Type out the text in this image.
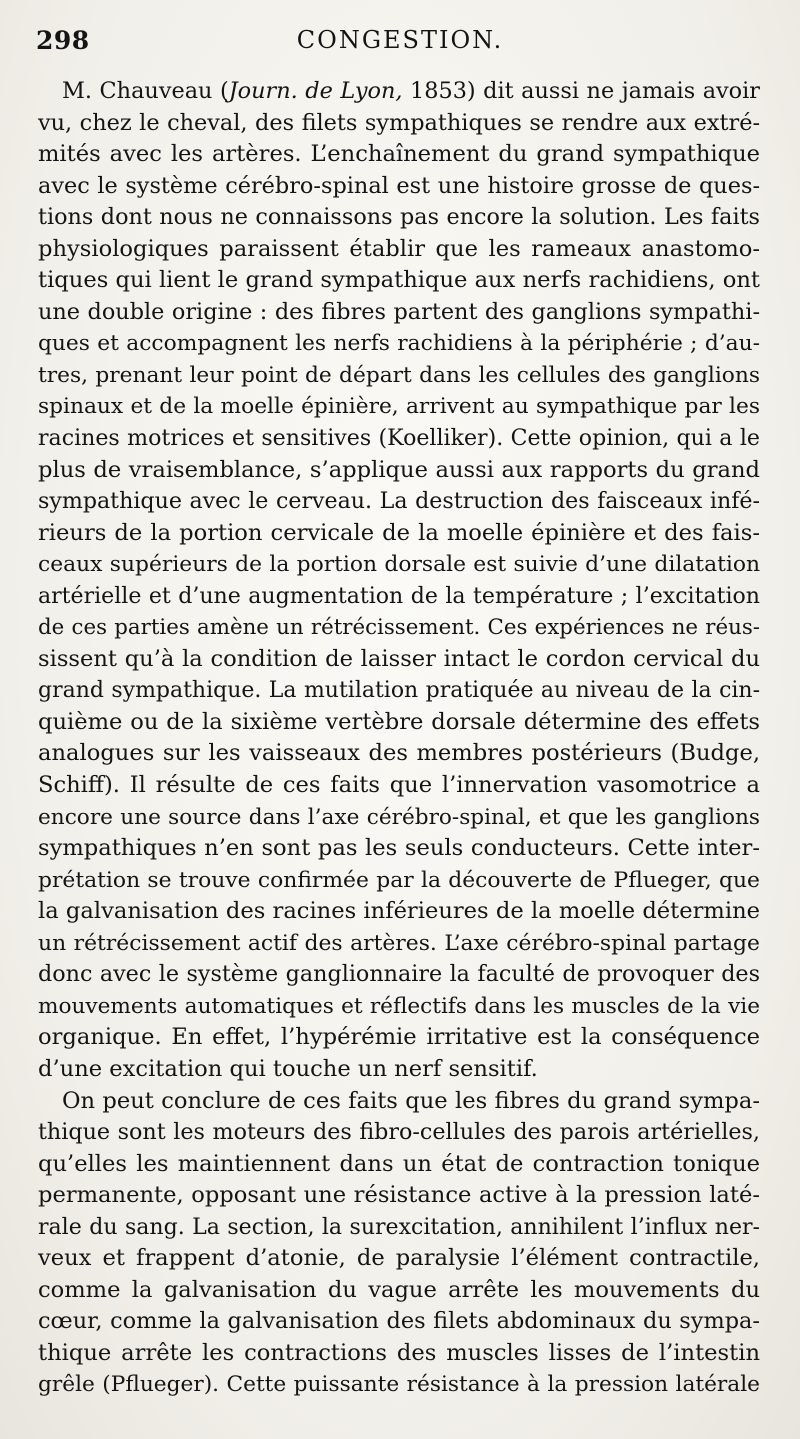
298	CONGESTION.
M. Chauveau (Journ. de Lyon, 1853) dit aussi ne jamais avoir
vu, chez le cheval, des filets sympathiques se rendre aux extré-
mités avec les artères. L’enchaînement du grand sympathique
avec le système cérébro-spinal est une histoire grosse de ques-
tions dont nous ne connaissons pas encore la solution. Les faits
physiologiques paraissent établir que les rameaux anastomo-
tiques qui lient le grand sympathique aux nerfs rachidiens, ont
une double origine : des fibres partent des ganglions sympathi-
ques et accompagnent les nerfs rachidiens à la périphérie ; d’au-
tres, prenant leur point de départ dans les cellules des ganglions
spinaux et de la moelle épinière, arrivent au sympathique par les
racines motrices et sensitives (Koelliker). Cette opinion, qui a le
plus de vraisemblance, s’applique aussi aux rapports du grand
sympathique avec le cerveau. La destruction des faisceaux infé-
rieurs de la portion cervicale de la moelle épinière et des fais-
ceaux supérieurs de la portion dorsale est suivie d’une dilatation
artérielle et d’une augmentation de la température ; l’excitation
de ces parties amène un rétrécissement. Ces expériences ne réus-
sissent qu’à la condition de laisser intact le cordon cervical du
grand sympathique. La mutilation pratiquée au niveau de la cin-
quième ou de la sixième vertèbre dorsale détermine des effets
analogues sur les vaisseaux des membres postérieurs (Budge,
Schiff). Il résulte de ces faits que l’innervation vasomotrice a
encore une source dans l’axe cérébro-spinal, et que les ganglions
sympathiques n’en sont pas les seuls conducteurs. Cette inter-
prétation se trouve confirmée par la découverte de Pflueger, que
la galvanisation des racines inférieures de la moelle détermine
un rétrécissement actif des artères. L’axe cérébro-spinal partage
donc avec le système ganglionnaire la faculté de provoquer des
mouvements automatiques et réflectifs dans les muscles de la vie
organique. En effet, l’hypérémie irritative est la conséquence
d’une excitation qui touche un nerf sensitif.
On peut conclure de ces faits que les fibres du grand sympa-
thique sont les moteurs des fibro-cellules des parois artérielles,
qu’elles les maintiennent dans un état de contraction tonique
permanente, opposant une résistance active à la pression laté-
rale du sang. La section, la surexcitation, annihilent l’influx ner-
veux et frappent d’atonie, de paralysie l’élément contractile,
comme la galvanisation du vague arrête les mouvements du
cœur, comme la galvanisation des filets abdominaux du sympa-
thique arrête les contractions des muscles lisses de l’intestin
grêle (Pflueger). Cette puissante résistance à la pression latérale
